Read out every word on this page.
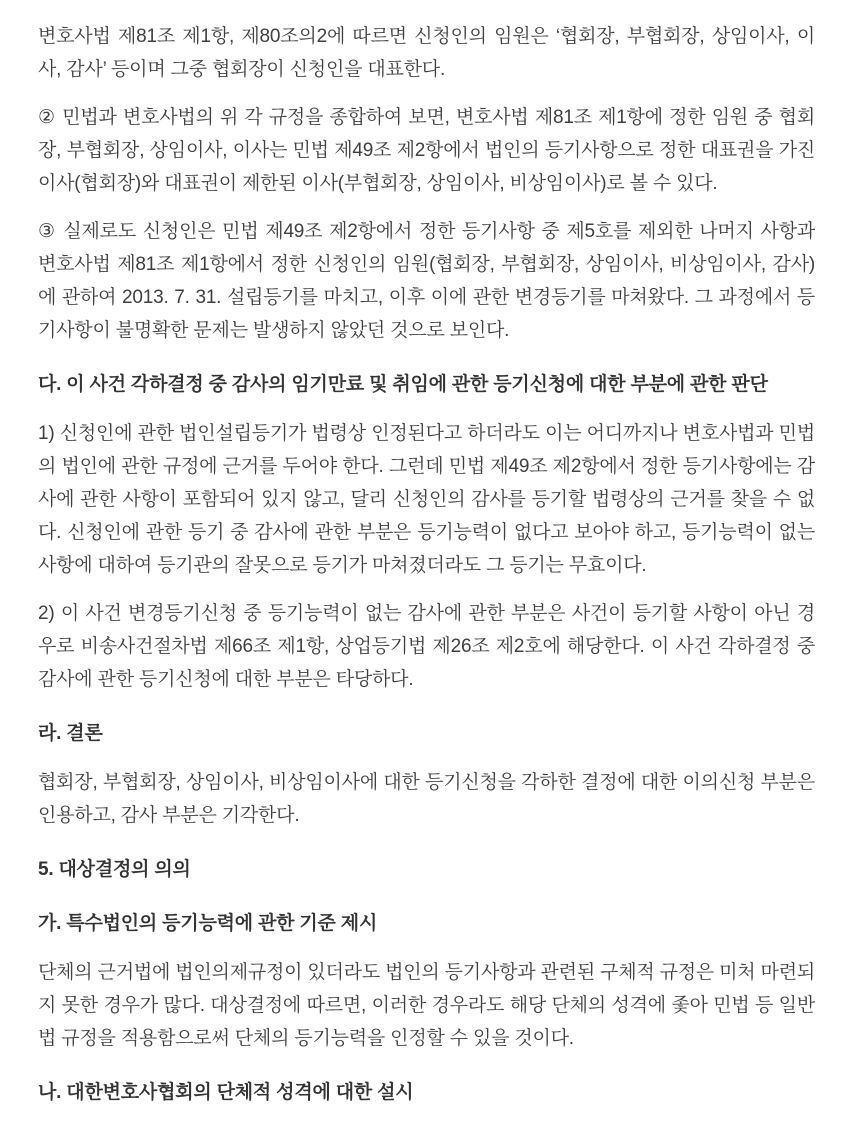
변호사법 제81조 제1항, 제80조의2에 따르면 신청인의 임원은 ‘협회장, 부협회장, 상임이사, 이사, 감사’ 등이며 그중 협회장이 신청인을 대표한다.

② 민법과 변호사법의 위 각 규정을 종합하여 보면, 변호사법 제81조 제1항에 정한 임원 중 협회장, 부협회장, 상임이사, 이사는 민법 제49조 제2항에서 법인의 등기사항으로 정한 대표권을 가진 이사(협회장)와 대표권이 제한된 이사(부협회장, 상임이사, 비상임이사)로 볼 수 있다.

③ 실제로도 신청인은 민법 제49조 제2항에서 정한 등기사항 중 제5호를 제외한 나머지 사항과 변호사법 제81조 제1항에서 정한 신청인의 임원(협회장, 부협회장, 상임이사, 비상임이사, 감사)에 관하여 2013. 7. 31. 설립등기를 마치고, 이후 이에 관한 변경등기를 마쳐왔다. 그 과정에서 등기사항이 불명확한 문제는 발생하지 않았던 것으로 보인다.

다. 이 사건 각하결정 중 감사의 임기만료 및 취임에 관한 등기신청에 대한 부분에 관한 판단

1) 신청인에 관한 법인설립등기가 법령상 인정된다고 하더라도 이는 어디까지나 변호사법과 민법의 법인에 관한 규정에 근거를 두어야 한다. 그런데 민법 제49조 제2항에서 정한 등기사항에는 감사에 관한 사항이 포함되어 있지 않고, 달리 신청인의 감사를 등기할 법령상의 근거를 찾을 수 없다. 신청인에 관한 등기 중 감사에 관한 부분은 등기능력이 없다고 보아야 하고, 등기능력이 없는 사항에 대하여 등기관의 잘못으로 등기가 마쳐졌더라도 그 등기는 무효이다.

2) 이 사건 변경등기신청 중 등기능력이 없는 감사에 관한 부분은 사건이 등기할 사항이 아닌 경우로 비송사건절차법 제66조 제1항, 상업등기법 제26조 제2호에 해당한다. 이 사건 각하결정 중 감사에 관한 등기신청에 대한 부분은 타당하다.

라. 결론

협회장, 부협회장, 상임이사, 비상임이사에 대한 등기신청을 각하한 결정에 대한 이의신청 부분은 인용하고, 감사 부분은 기각한다.

5. 대상결정의 의의
가. 특수법인의 등기능력에 관한 기준 제시

단체의 근거법에 법인의제규정이 있더라도 법인의 등기사항과 관련된 구체적 규정은 미처 마련되지 못한 경우가 많다. 대상결정에 따르면, 이러한 경우라도 해당 단체의 성격에 좇아 민법 등 일반법 규정을 적용함으로써 단체의 등기능력을 인정할 수 있을 것이다.

나. 대한변호사협회의 단체적 성격에 대한 설시
